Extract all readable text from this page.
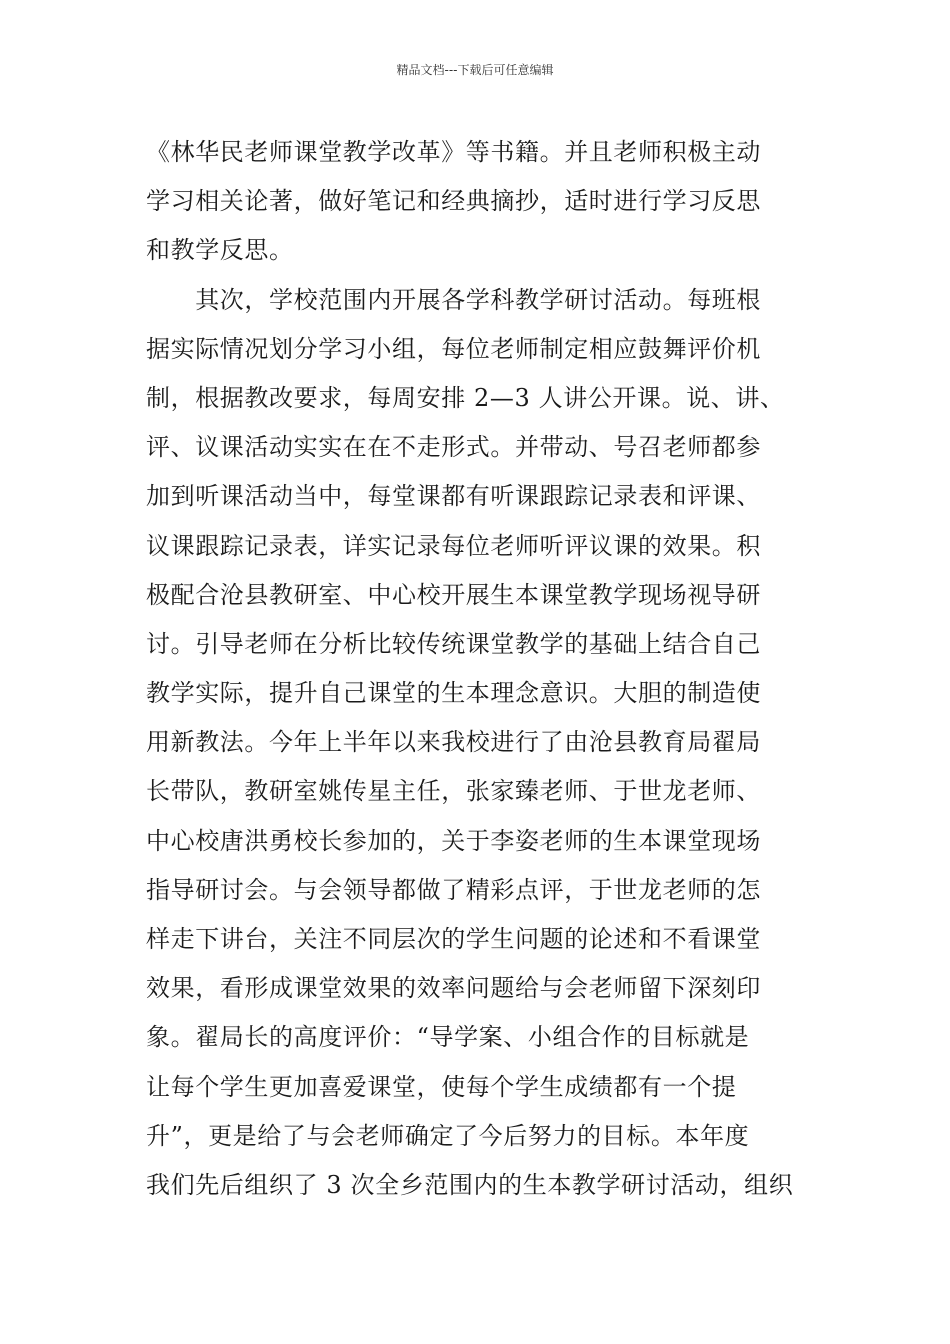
精品文档---下载后可任意编辑
《林华民老师课堂教学改革》等书籍。并且老师积极主动
学习相关论著，做好笔记和经典摘抄，适时进行学习反思
和教学反思。
　　其次，学校范围内开展各学科教学研讨活动。每班根
据实际情况划分学习小组，每位老师制定相应鼓舞评价机
制，根据教改要求，每周安排 2—3 人讲公开课。说、讲、
评、议课活动实实在在不走形式。并带动、号召老师都参
加到听课活动当中，每堂课都有听课跟踪记录表和评课、
议课跟踪记录表，详实记录每位老师听评议课的效果。积
极配合沧县教研室、中心校开展生本课堂教学现场视导研
讨。引导老师在分析比较传统课堂教学的基础上结合自己
教学实际，提升自己课堂的生本理念意识。大胆的制造使
用新教法。今年上半年以来我校进行了由沧县教育局翟局
长带队，教研室姚传星主任，张家臻老师、于世龙老师、
中心校唐洪勇校长参加的，关于李姿老师的生本课堂现场
指导研讨会。与会领导都做了精彩点评，于世龙老师的怎
样走下讲台，关注不同层次的学生问题的论述和不看课堂
效果，看形成课堂效果的效率问题给与会老师留下深刻印
象。翟局长的高度评价：“导学案、小组合作的目标就是
让每个学生更加喜爱课堂，使每个学生成绩都有一个提
升”，更是给了与会老师确定了今后努力的目标。本年度
我们先后组织了 3 次全乡范围内的生本教学研讨活动，组织
